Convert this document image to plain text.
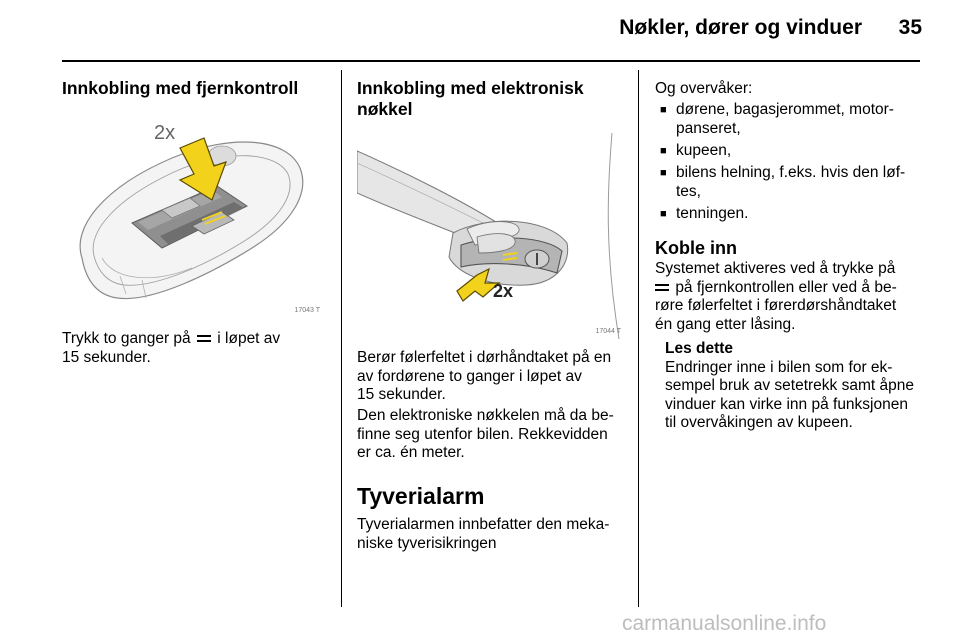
Nøkler, dører og vinduer 35
Innkobling med fjernkontroll
2x
17043 T
Trykk to ganger på i løpet av
15 sekunder.
Innkobling med elektronisk
nøkkel
2x
17044 T
Berør følerfeltet i dørhåndtaket på en
av fordørene to ganger i løpet av
15 sekunder.
Den elektroniske nøkkelen må da be-
finne seg utenfor bilen. Rekkevidden
er ca. én meter.
Tyverialarm
Tyverialarmen innbefatter den meka-
niske tyverisikringen
Og overvåker:
■ dørene, bagasjerommet, motor-
panseret,
■ kupeen,
■ bilens helning, f.eks. hvis den løf-
tes,
■ tenningen.
Koble inn
Systemet aktiveres ved å trykke på
på fjernkontrollen eller ved å be-
røre følerfeltet i førerdørshåndtaket
én gang etter låsing.
Les dette
Endringer inne i bilen som for ek-
sempel bruk av setetrekk samt åpne
vinduer kan virke inn på funksjonen
til overvåkingen av kupeen.
carmanualsonline.info
